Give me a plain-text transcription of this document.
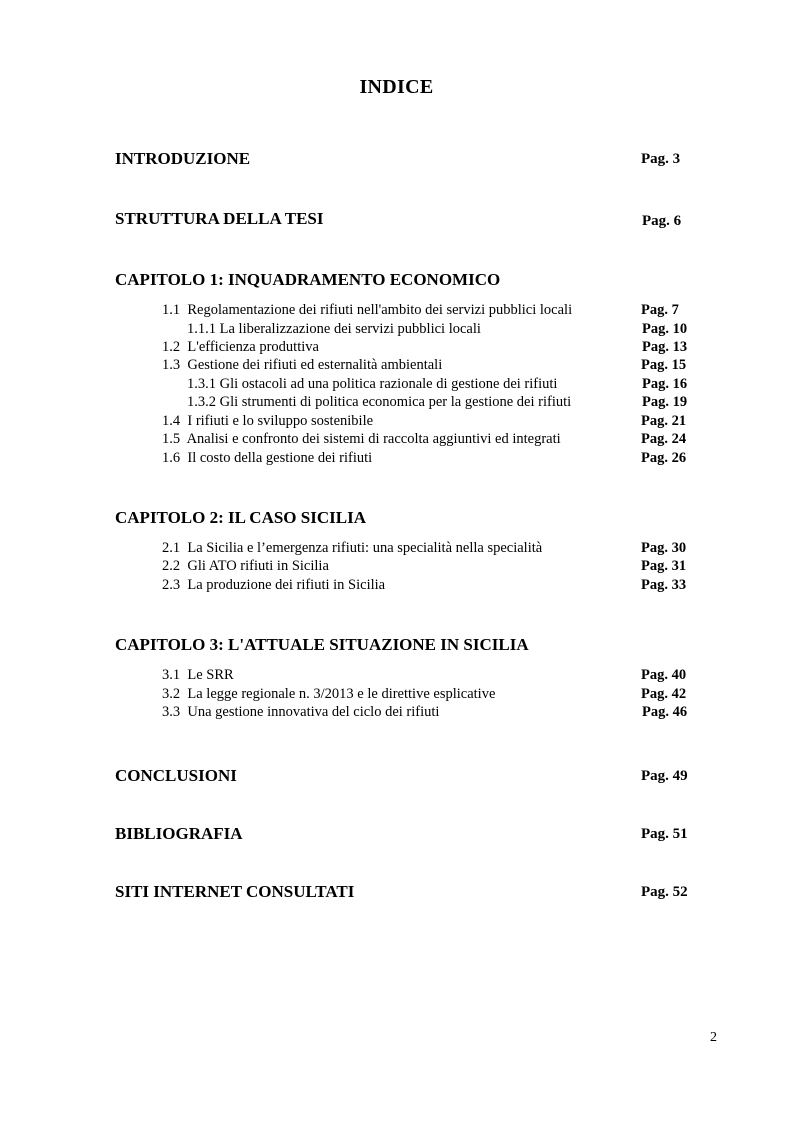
INDICE
INTRODUZIONE	Pag. 3
STRUTTURA DELLA TESI	Pag. 6
CAPITOLO 1: INQUADRAMENTO ECONOMICO
1.1 Regolamentazione dei rifiuti nell'ambito dei servizi pubblici locali	Pag. 7
1.1.1 La liberalizzazione dei servizi pubblici locali	Pag. 10
1.2 L'efficienza produttiva	Pag. 13
1.3 Gestione dei rifiuti ed esternalità ambientali	Pag. 15
1.3.1 Gli ostacoli ad una politica razionale di gestione dei rifiuti	Pag. 16
1.3.2 Gli strumenti di politica economica per la gestione dei rifiuti	Pag. 19
1.4 I rifiuti e lo sviluppo sostenibile	Pag. 21
1.5 Analisi e confronto dei sistemi di raccolta aggiuntivi ed integrati	Pag. 24
1.6 Il costo della gestione dei rifiuti	Pag. 26
CAPITOLO 2: IL CASO SICILIA
2.1 La Sicilia e l’emergenza rifiuti: una specialità nella specialità	Pag. 30
2.2 Gli ATO rifiuti in Sicilia	Pag. 31
2.3 La produzione dei rifiuti in Sicilia	Pag. 33
CAPITOLO 3: L'ATTUALE SITUAZIONE IN SICILIA
3.1 Le SRR	Pag. 40
3.2 La legge regionale n. 3/2013 e le direttive esplicative	Pag. 42
3.3 Una gestione innovativa del ciclo dei rifiuti	Pag. 46
CONCLUSIONI	Pag. 49
BIBLIOGRAFIA	Pag. 51
SITI INTERNET CONSULTATI	Pag. 52
2
